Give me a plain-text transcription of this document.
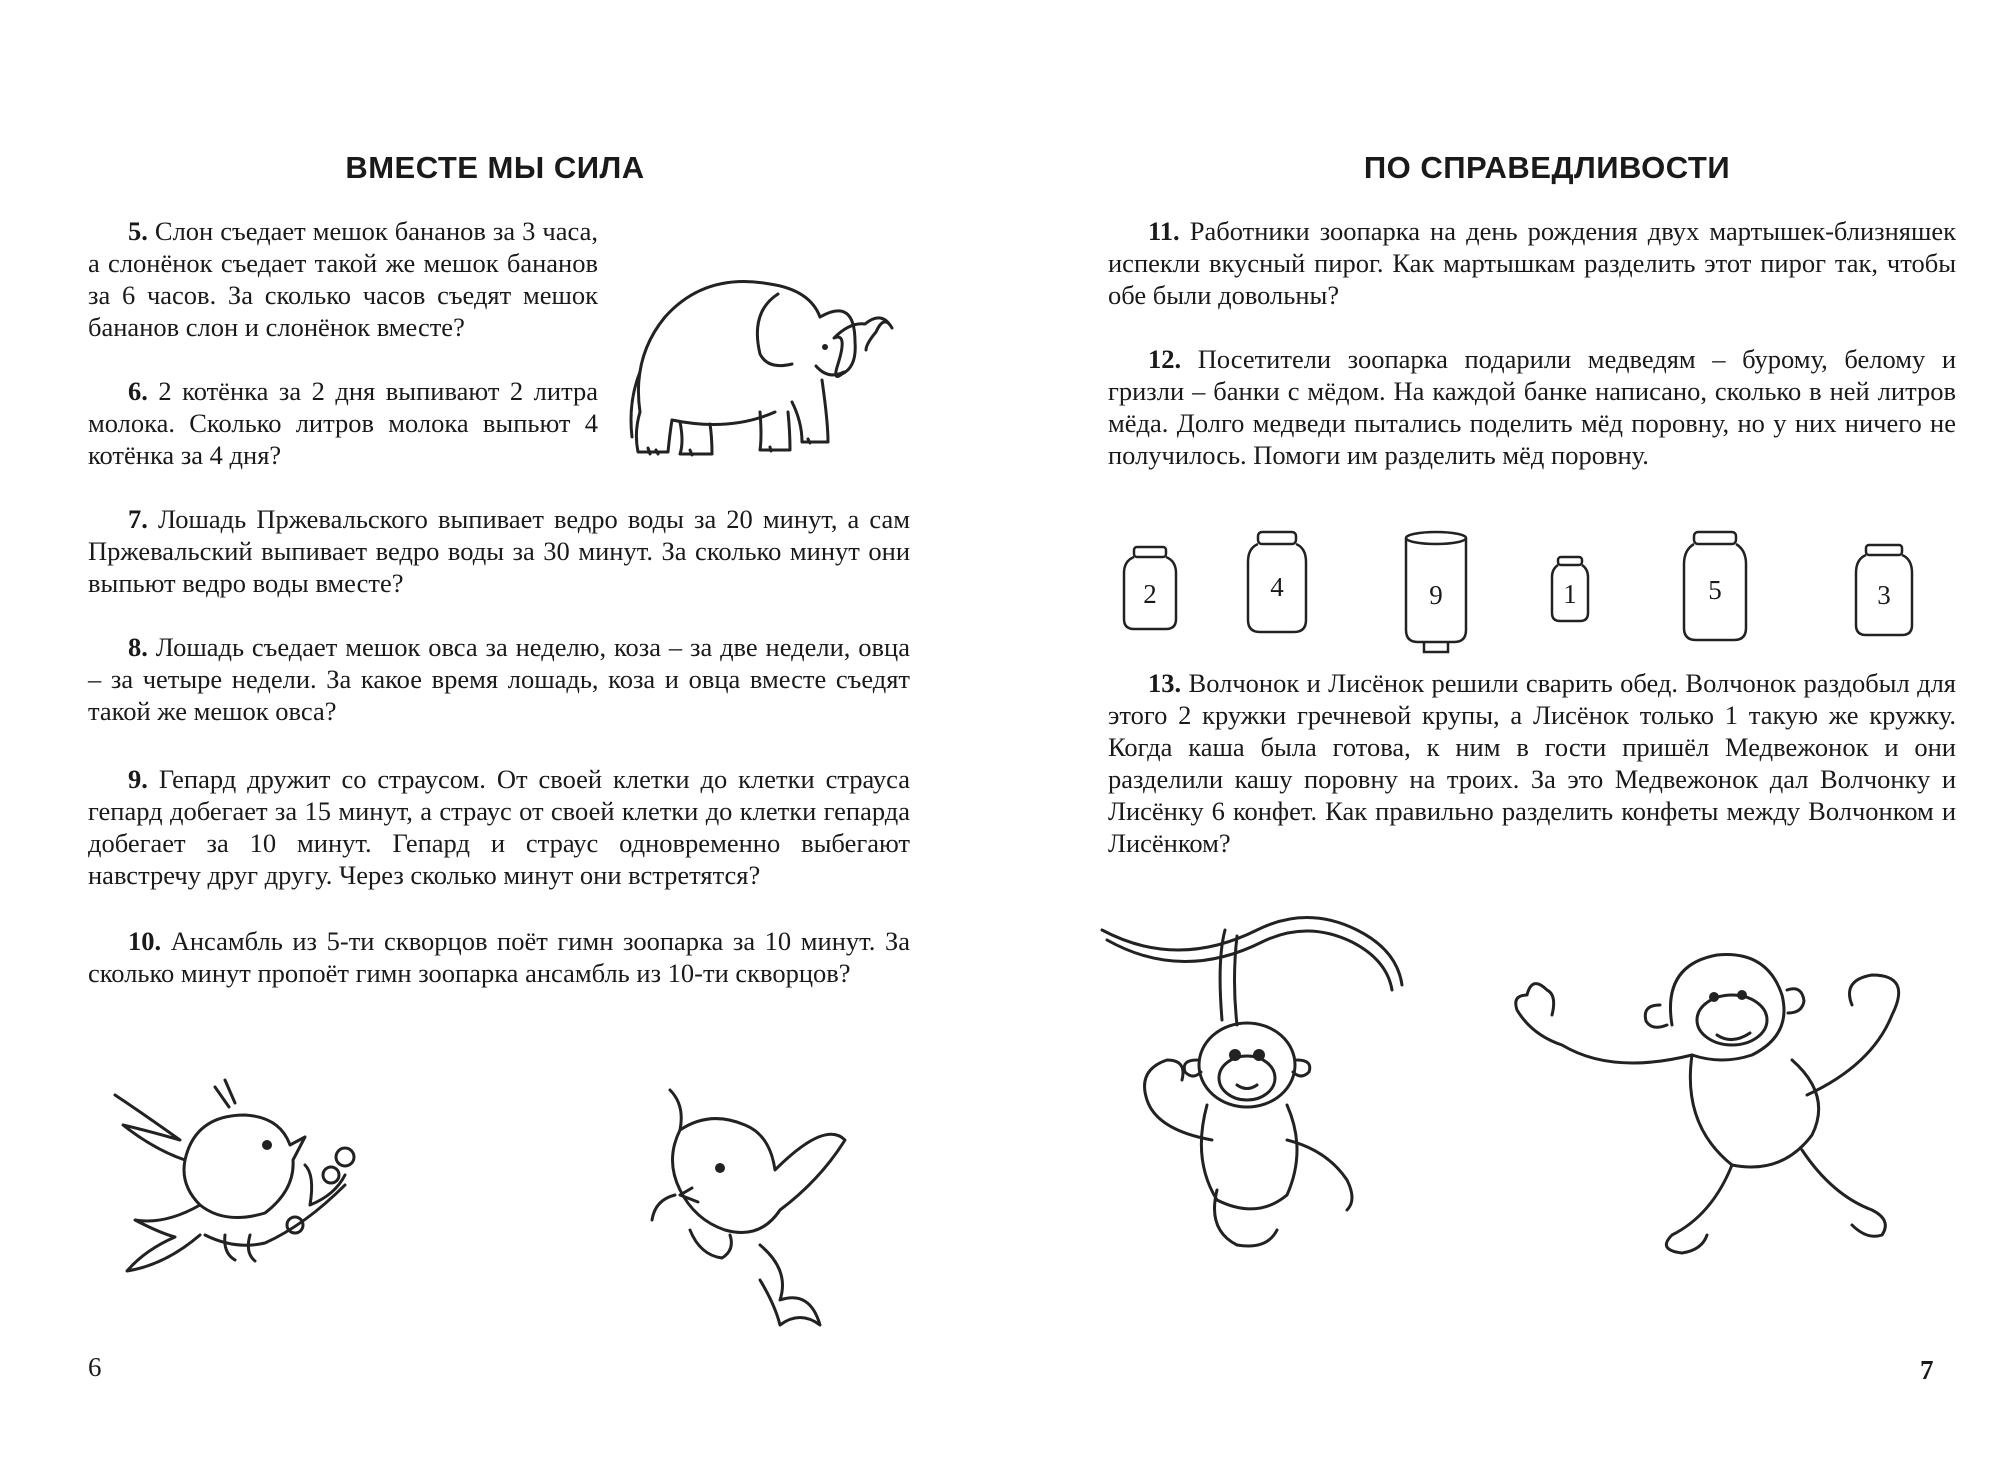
ВМЕСТЕ МЫ СИЛА

5. Слон съедает мешок бананов за 3 часа, а слонёнок съедает такой же мешок бананов за 6 часов. За сколько часов съедят мешок бананов слон и слонёнок вместе?

6. 2 котёнка за 2 дня выпивают 2 литра молока. Сколько литров молока выпьют 4 котёнка за 4 дня?

7. Лошадь Пржевальского выпивает ведро воды за 20 минут, а сам Пржевальский выпивает ведро воды за 30 минут. За сколько минут они выпьют ведро воды вместе?

8. Лошадь съедает мешок овса за неделю, коза – за две недели, овца – за четыре недели. За какое время лошадь, коза и овца вместе съедят такой же мешок овса?

9. Гепард дружит со страусом. От своей клетки до клетки страуса гепард добегает за 15 минут, а страус от своей клетки до клетки гепарда добегает за 10 минут. Гепард и страус одновременно выбегают навстречу друг другу. Через сколько минут они встретятся?

10. Ансамбль из 5-ти скворцов поёт гимн зоопарка за 10 минут. За сколько минут пропоёт гимн зоопарка ансамбль из 10-ти скворцов?

6

ПО СПРАВЕДЛИВОСТИ

11. Работники зоопарка на день рождения двух мартышек-близняшек испекли вкусный пирог. Как мартышкам разделить этот пирог так, чтобы обе были довольны?

12. Посетители зоопарка подарили медведям – бурому, белому и гризли – банки с мёдом. На каждой банке написано, сколько в ней литров мёда. Долго медведи пытались поделить мёд поровну, но у них ничего не получилось. Помоги им разделить мёд поровну.

2	4	9	1	5	3

13. Волчонок и Лисёнок решили сварить обед. Волчонок раздобыл для этого 2 кружки гречневой крупы, а Лисёнок только 1 такую же кружку. Когда каша была готова, к ним в гости пришёл Медвежонок и они разделили кашу поровну на троих. За это Медвежонок дал Волчонку и Лисёнку 6 конфет. Как правильно разделить конфеты между Волчонком и Лисёнком?

7
